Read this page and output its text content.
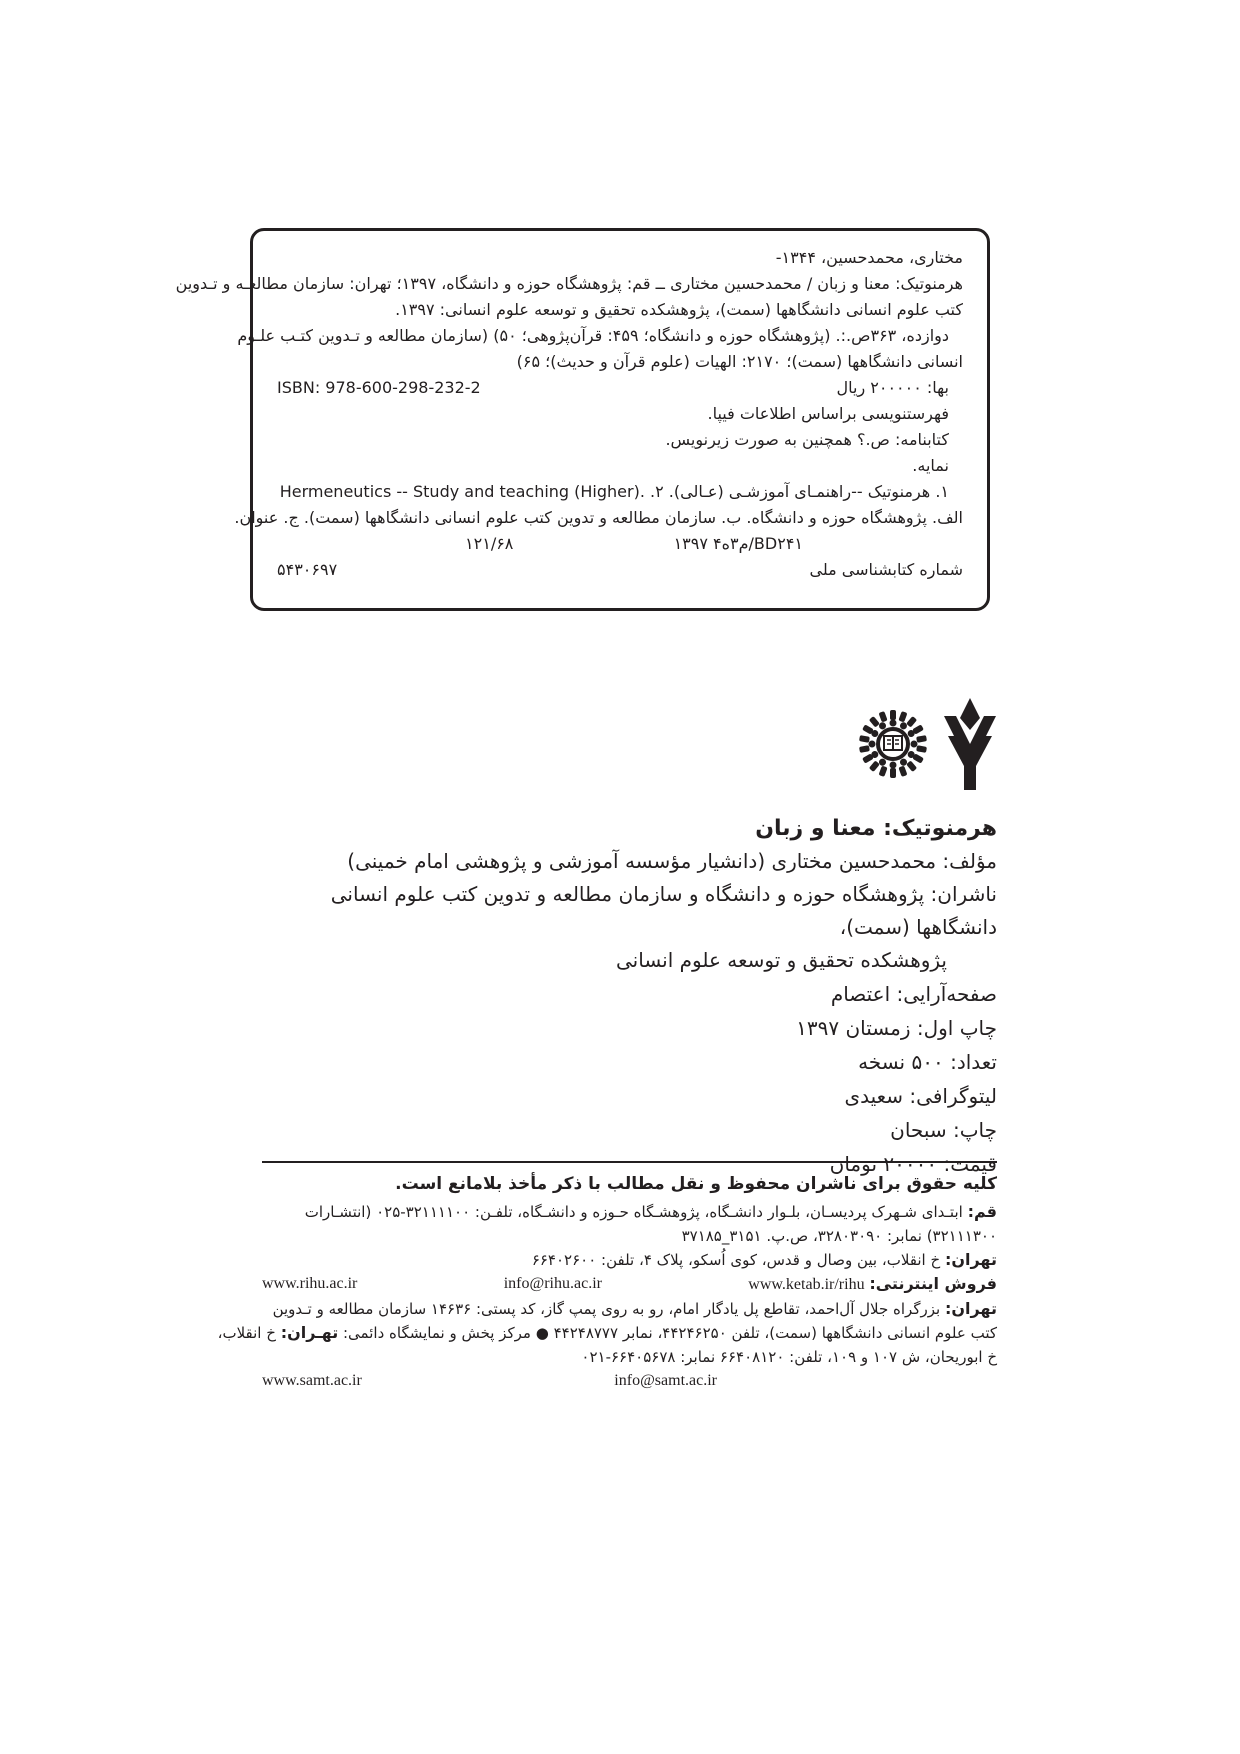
مختاری، محمدحسین، ۱۳۴۴-
هرمنوتیک: معنا و زبان / محمدحسین مختاری ــ قم: پژوهشگاه حوزه و دانشگاه، ۱۳۹۷؛ تهران: سازمان مطالعـه و تـدوین
کتب علوم انسانی دانشگاهها (سمت)، پژوهشکده تحقیق و توسعه علوم انسانی: ۱۳۹۷.
دوازده، ۳۶۳ص.:. (پژوهشگاه حوزه و دانشگاه؛ ۴۵۹: قرآن‌پژوهی؛ ۵۰) (سازمان مطالعه و تـدوین کتـب علـوم
انسانی دانشگاهها (سمت)؛ ۲۱۷۰: الهیات (علوم قرآن و حدیث)؛ ۶۵)
بها: ۲۰۰۰۰۰ ریال
ISBN: 978-600-298-232-2
فهرستنویسی براساس اطلاعات فیپا.
کتابنامه: ص.؟ همچنین به صورت زیرنویس.
نمایه.
۱. هرمنوتیک --راهنمـای آموزشـی (عـالی). ۲. Hermeneutics -- Study and teaching (Higher).
الف. پژوهشگاه حوزه و دانشگاه. ب. سازمان مطالعه و تدوین کتب علوم انسانی دانشگاهها (سمت). ج. عنوان.
BD۲۴۱/م۳ه۴ ۱۳۹۷  ۱۲۱/۶۸
شماره کتابشناسی ملی
۵۴۳۰۶۹۷
هرمنوتیک: معنا و زبان
مؤلف: محمدحسین مختاری (دانشیار مؤسسه آموزشی و پژوهشی امام خمینی)
ناشران: پژوهشگاه حوزه و دانشگاه و سازمان مطالعه و تدوین کتب علوم انسانی دانشگاهها (سمت)،
پژوهشکده تحقیق و توسعه علوم انسانی
صفحه‌آرایی: اعتصام
چاپ اول: زمستان ۱۳۹۷
تعداد: ۵۰۰ نسخه
لیتوگرافی: سعیدی
چاپ: سبحان
قیمت: ۲۰۰۰۰ تومان
کلیه حقوق برای ناشران محفوظ و نقل مطالب با ذکر مأخذ بلامانع است.
قم: ابتـدای شـهرک پردیسـان، بلـوار دانشـگاه، پژوهشـگاه حـوزه و دانشـگاه، تلفـن: ۳۲۱۱۱۱۰۰-۰۲۵ (انتشـارات
۳۲۱۱۱۳۰۰) نمابر: ۳۲۸۰۳۰۹۰، ص.پ. ۳۱۵۱_۳۷۱۸۵
تهران: خ انقلاب، بین وصال و قدس، کوی اُسکو، پلاک ۴، تلفن: ۶۶۴۰۲۶۰۰
فروش اینترنتی: www.ketab.ir/rihu
info@rihu.ac.ir
www.rihu.ac.ir
تهران: بزرگراه جلال آل‌احمد، تقاطع پل یادگار امام، رو به روی پمپ گاز، کد پستی: ۱۴۶۳۶ سازمان مطالعه و تـدوین
کتب علوم انسانی دانشگاهها (سمت)، تلفن ۴۴۲۴۶۲۵۰، نمابر ۴۴۲۴۸۷۷۷ ● مرکز پخش و نمایشگاه دائمی: تهـران: خ انقلاب،
خ ابوریحان، ش ۱۰۷ و ۱۰۹، تلفن: ۶۶۴۰۸۱۲۰ نمابر: ۶۶۴۰۵۶۷۸-۰۲۱
info@samt.ac.ir
www.samt.ac.ir
